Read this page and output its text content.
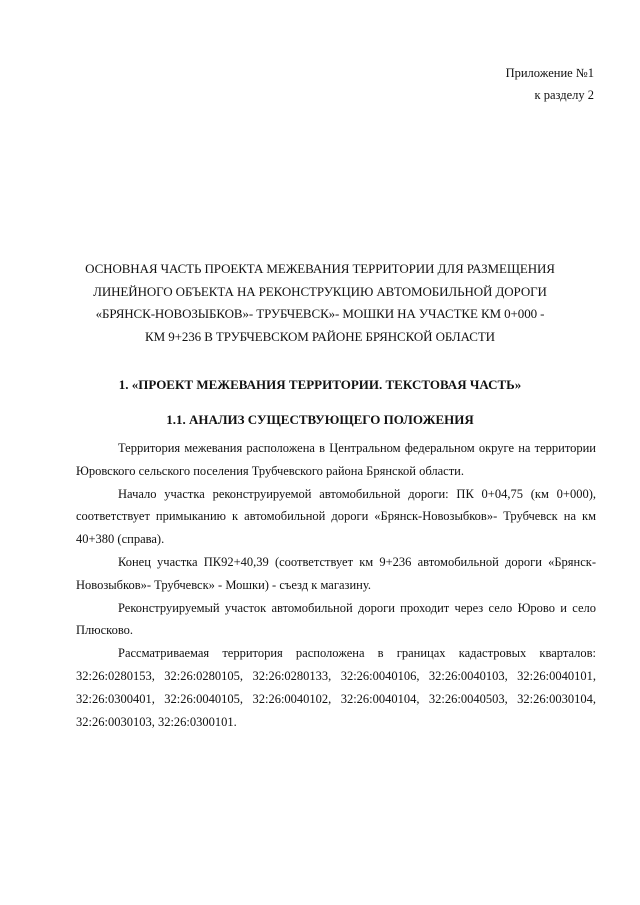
Приложение №1
к разделу 2
ОСНОВНАЯ ЧАСТЬ ПРОЕКТА МЕЖЕВАНИЯ ТЕРРИТОРИИ ДЛЯ РАЗМЕЩЕНИЯ
ЛИНЕЙНОГО ОБЪЕКТА НА РЕКОНСТРУКЦИЮ АВТОМОБИЛЬНОЙ ДОРОГИ
«БРЯНСК-НОВОЗЫБКОВ»- ТРУБЧЕВСК»- МОШКИ НА УЧАСТКЕ КМ 0+000 -
КМ 9+236 В ТРУБЧЕВСКОМ РАЙОНЕ БРЯНСКОЙ ОБЛАСТИ
1. «ПРОЕКТ МЕЖЕВАНИЯ ТЕРРИТОРИИ. ТЕКСТОВАЯ ЧАСТЬ»
1.1. АНАЛИЗ СУЩЕСТВУЮЩЕГО ПОЛОЖЕНИЯ

Территория межевания расположена в Центральном федеральном округе на территории Юровского сельского поселения Трубчевского района Брянской области.

Начало участка реконструируемой автомобильной дороги: ПК 0+04,75 (км 0+000), соответствует примыканию к автомобильной дороги «Брянск-Новозыбков»- Трубчевск на км 40+380 (справа).

Конец участка ПК92+40,39 (соответствует км 9+236 автомобильной дороги «Брянск-Новозыбков»- Трубчевск» - Мошки) - съезд к магазину.

Реконструируемый участок автомобильной дороги проходит через село Юрово и село Плюсково.

Рассматриваемая территория расположена в границах кадастровых кварталов: 32:26:0280153, 32:26:0280105, 32:26:0280133, 32:26:0040106, 32:26:0040103, 32:26:0040101, 32:26:0300401, 32:26:0040105, 32:26:0040102, 32:26:0040104, 32:26:0040503, 32:26:0030104, 32:26:0030103, 32:26:0300101.
